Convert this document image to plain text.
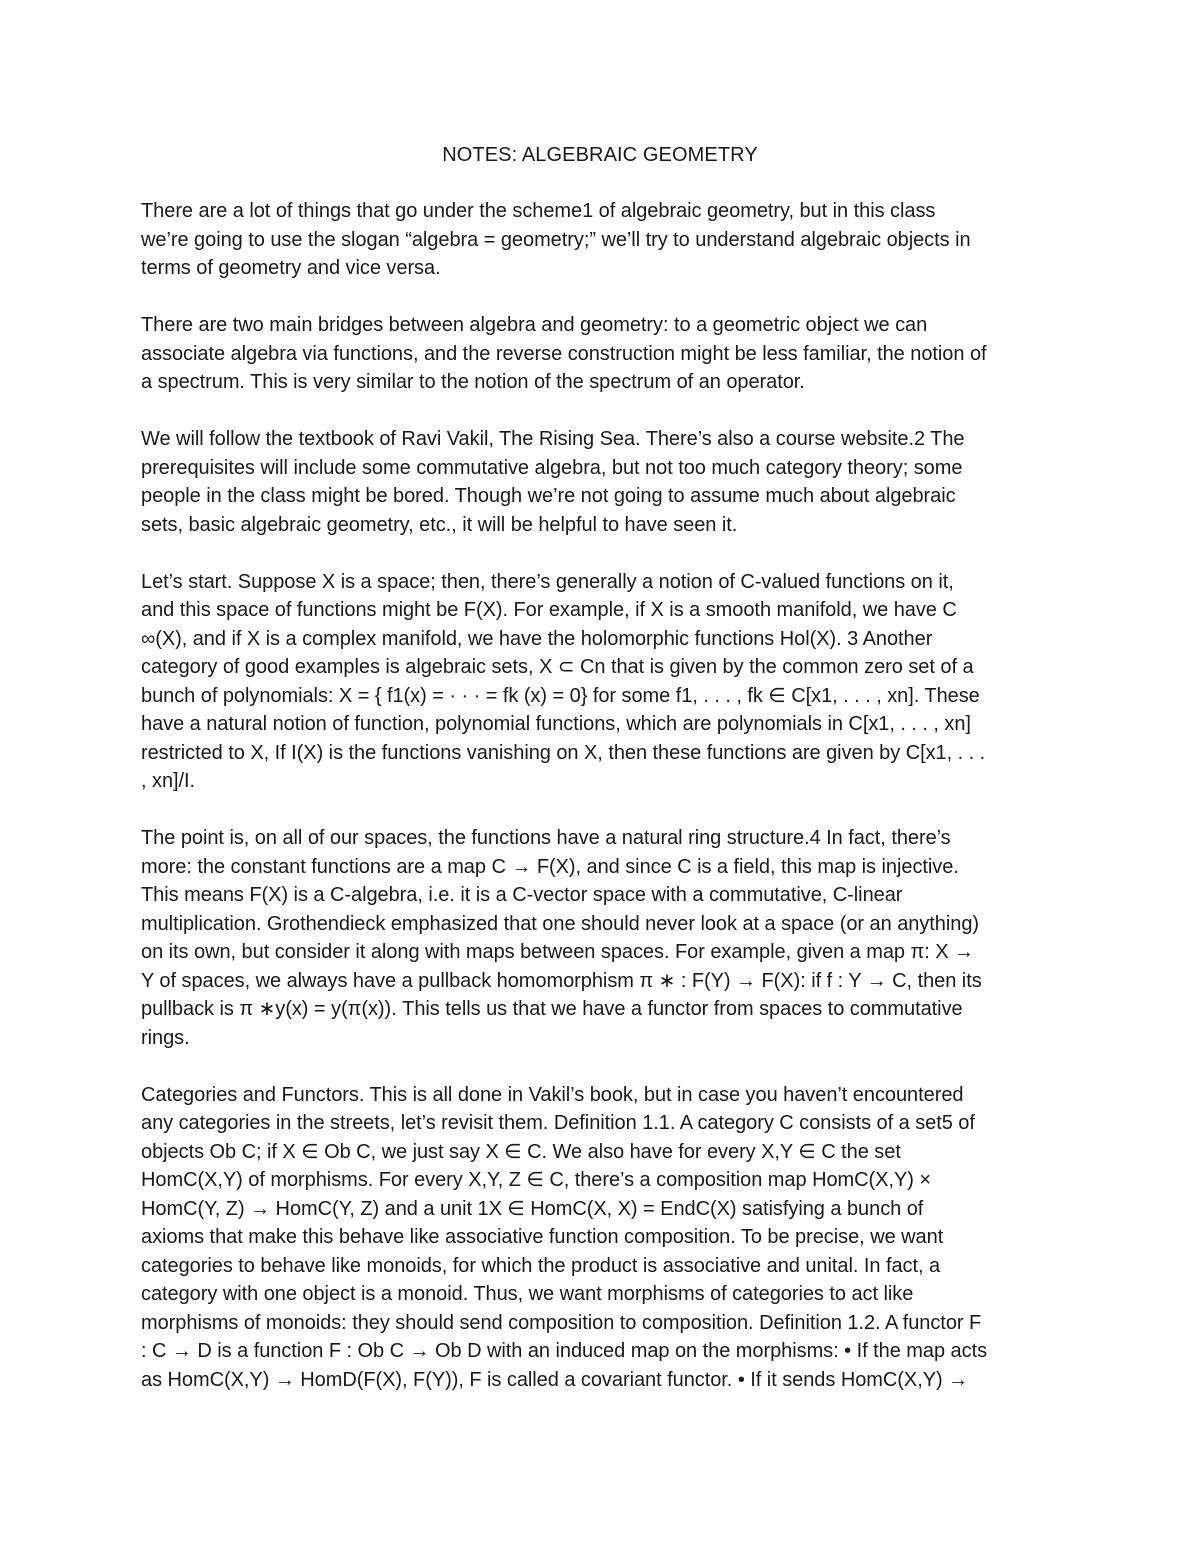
NOTES: ALGEBRAIC GEOMETRY
There are a lot of things that go under the scheme1 of algebraic geometry, but in this class
we’re going to use the slogan “algebra = geometry;” we’ll try to understand algebraic objects in
terms of geometry and vice versa.
There are two main bridges between algebra and geometry: to a geometric object we can
associate algebra via functions, and the reverse construction might be less familiar, the notion of
a spectrum. This is very similar to the notion of the spectrum of an operator.
We will follow the textbook of Ravi Vakil, The Rising Sea. There’s also a course website.2 The
prerequisites will include some commutative algebra, but not too much category theory; some
people in the class might be bored. Though we’re not going to assume much about algebraic
sets, basic algebraic geometry, etc., it will be helpful to have seen it.
Let’s start. Suppose X is a space; then, there’s generally a notion of C-valued functions on it,
and this space of functions might be F(X). For example, if X is a smooth manifold, we have C
∞(X), and if X is a complex manifold, we have the holomorphic functions Hol(X). 3 Another
category of good examples is algebraic sets, X ⊂ Cn that is given by the common zero set of a
bunch of polynomials: X = { f1(x) = · · · = fk (x) = 0} for some f1, . . . , fk ∈ C[x1, . . . , xn]. These
have a natural notion of function, polynomial functions, which are polynomials in C[x1, . . . , xn]
restricted to X, If I(X) is the functions vanishing on X, then these functions are given by C[x1, . . .
, xn]/I.
The point is, on all of our spaces, the functions have a natural ring structure.4 In fact, there’s
more: the constant functions are a map C → F(X), and since C is a field, this map is injective.
This means F(X) is a C-algebra, i.e. it is a C-vector space with a commutative, C-linear
multiplication. Grothendieck emphasized that one should never look at a space (or an anything)
on its own, but consider it along with maps between spaces. For example, given a map π: X →
Y of spaces, we always have a pullback homomorphism π ∗ : F(Y) → F(X): if f : Y → C, then its
pullback is π ∗y(x) = y(π(x)). This tells us that we have a functor from spaces to commutative
rings.
Categories and Functors. This is all done in Vakil’s book, but in case you haven’t encountered
any categories in the streets, let’s revisit them. Definition 1.1. A category C consists of a set5 of
objects Ob C; if X ∈ Ob C, we just say X ∈ C. We also have for every X,Y ∈ C the set
HomC(X,Y) of morphisms. For every X,Y, Z ∈ C, there’s a composition map HomC(X,Y) ×
HomC(Y, Z) → HomC(Y, Z) and a unit 1X ∈ HomC(X, X) = EndC(X) satisfying a bunch of
axioms that make this behave like associative function composition. To be precise, we want
categories to behave like monoids, for which the product is associative and unital. In fact, a
category with one object is a monoid. Thus, we want morphisms of categories to act like
morphisms of monoids: they should send composition to composition. Definition 1.2. A functor F
: C → D is a function F : Ob C → Ob D with an induced map on the morphisms: • If the map acts
as HomC(X,Y) → HomD(F(X), F(Y)), F is called a covariant functor. • If it sends HomC(X,Y) →
